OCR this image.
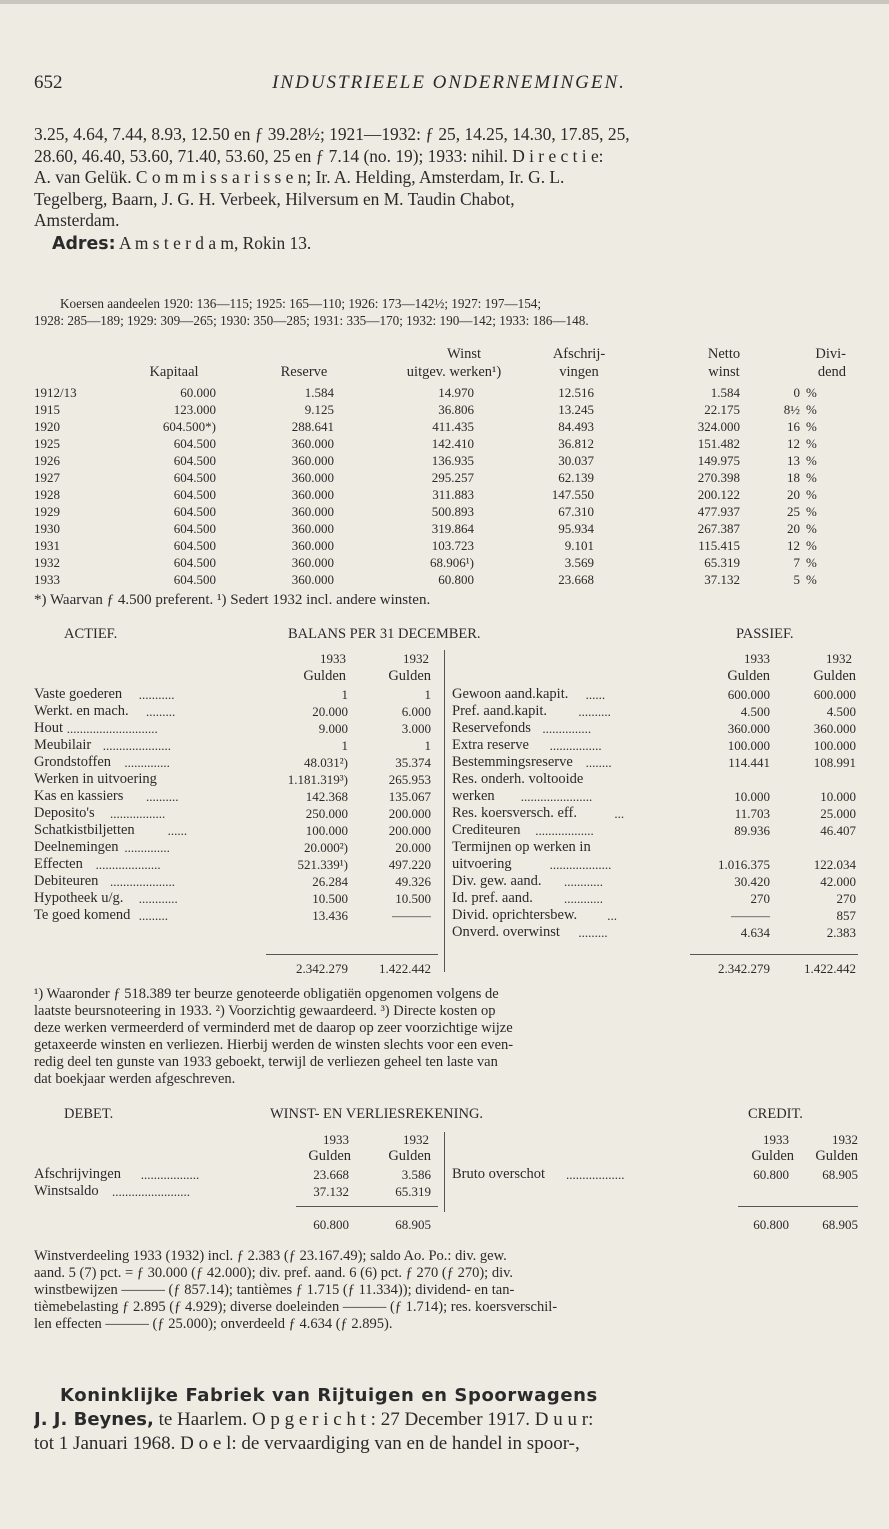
652	INDUSTRIEELE ONDERNEMINGEN.
3.25, 4.64, 7.44, 8.93, 12.50 en ƒ 39.28½; 1921—1932: ƒ 25, 14.25, 14.30, 17.85, 25,
28.60, 46.40, 53.60, 71.40, 53.60, 25 en ƒ 7.14 (no. 19); 1933: nihil. D i r e c t i e:
A. van Gelük. C o m m i s s a r i s s e n; Ir. A. Helding, Amsterdam, Ir. G. L.
Tegelberg, Baarn, J. G. H. Verbeek, Hilversum en M. Taudin Chabot,
Amsterdam.
Adres: A m s t e r d a m, Rokin 13.
Koersen aandeelen 1920: 136—115; 1925: 165—110; 1926: 173—142½; 1927: 197—154;
1928: 285—189; 1929: 309—265; 1930: 350—285; 1931: 335—170; 1932: 190—142; 1933: 186—148.
Winst	Afschrij-	Netto	Divi-
Kapitaal	Reserve	uitgev. werken¹)	vingen	winst	dend
1912/13	60.000	1.584	14.970	12.516	1.584	0 %
1915	123.000	9.125	36.806	13.245	22.175	8½ %
1920	604.500*)	288.641	411.435	84.493	324.000	16 %
1925	604.500	360.000	142.410	36.812	151.482	12 %
1926	604.500	360.000	136.935	30.037	149.975	13 %
1927	604.500	360.000	295.257	62.139	270.398	18 %
1928	604.500	360.000	311.883	147.550	200.122	20 %
1929	604.500	360.000	500.893	67.310	477.937	25 %
1930	604.500	360.000	319.864	95.934	267.387	20 %
1931	604.500	360.000	103.723	9.101	115.415	12 %
1932	604.500	360.000	68.906¹)	3.569	65.319	7 %
1933	604.500	360.000	60.800	23.668	37.132	5 %
*) Waarvan ƒ 4.500 preferent. ¹) Sedert 1932 incl. andere winsten.
ACTIEF.	BALANS PER 31 DECEMBER.	PASSIEF.
1933	1932	1933	1932
Gulden	Gulden	Gulden	Gulden
Vaste goederen ...........	1	1
Werkt. en mach. .........	20.000	6.000
Hout ............................	9.000	3.000
Meubilair .....................	1	1
Grondstoffen ..............	48.031²)	35.374
Werken in uitvoering	1.181.319³)	265.953
Kas en kassiers ..........	142.368	135.067
Deposito's .................	250.000	200.000
Schatkistbiljetten	......	100.000	200.000
Deelnemingen ..............	20.000²)	20.000
Effecten ....................	521.339¹)	497.220
Debiteuren ....................	26.284	49.326
Hypotheek u/g. ............	10.500	10.500
Te goed komend .........	13.436	———
Gewoon aand.kapit. ......	600.000	600.000
Pref. aand.kapit. ..........	4.500	4.500
Reservefonds ...............	360.000	360.000
Extra reserve ................	100.000	100.000
Bestemmingsreserve ........	114.441	108.991
Res. onderh. voltooide
werken ......................	10.000	10.000
Res. koersversch. eff.	...	11.703	25.000
Crediteuren ..................	89.936	46.407
Termijnen op werken in
uitvoering	...................	1.016.375	122.034
Div. gew. aand. ............	30.420	42.000
Id. pref. aand. ............	270	270
Divid. oprichtersbew. ...	———	857
Onverd. overwinst .........	4.634	2.383
2.342.279	1.422.442	2.342.279	1.422.442
¹) Waaronder ƒ 518.389 ter beurze genoteerde obligatiën opgenomen volgens de
laatste beursnoteering in 1933. ²) Voorzichtig gewaardeerd. ³) Directe kosten op
deze werken vermeerderd of verminderd met de daarop op zeer voorzichtige wijze
getaxeerde winsten en verliezen. Hierbij werden de winsten slechts voor een even-
redig deel ten gunste van 1933 geboekt, terwijl de verliezen geheel ten laste van
dat boekjaar werden afgeschreven.
DEBET.	WINST- EN VERLIESREKENING.	CREDIT.
1933	1932	1933	1932
Gulden	Gulden	Gulden	Gulden
Afschrijvingen ..................	23.668	3.586
Winstsaldo ........................	37.132	65.319
Bruto overschot ..................	60.800	68.905
60.800	68.905	60.800	68.905
Winstverdeeling 1933 (1932) incl. ƒ 2.383 (ƒ 23.167.49); saldo Ao. Po.: div. gew.
aand. 5 (7) pct. = ƒ 30.000 (ƒ 42.000); div. pref. aand. 6 (6) pct. ƒ 270 (ƒ 270); div.
winstbewijzen ——— (ƒ 857.14); tantièmes ƒ 1.715 (ƒ 11.334)); dividend- en tan-
tièmebelasting ƒ 2.895 (ƒ 4.929); diverse doeleinden ——— (ƒ 1.714); res. koersverschil-
len effecten ——— (ƒ 25.000); onverdeeld ƒ 4.634 (ƒ 2.895).
Koninklijke Fabriek van Rijtuigen en Spoorwagens
J. J. Beynes, te Haarlem. O p g e r i c h t : 27 December 1917. D u u r:
tot 1 Januari 1968. D o e l: de vervaardiging van en de handel in spoor-,
